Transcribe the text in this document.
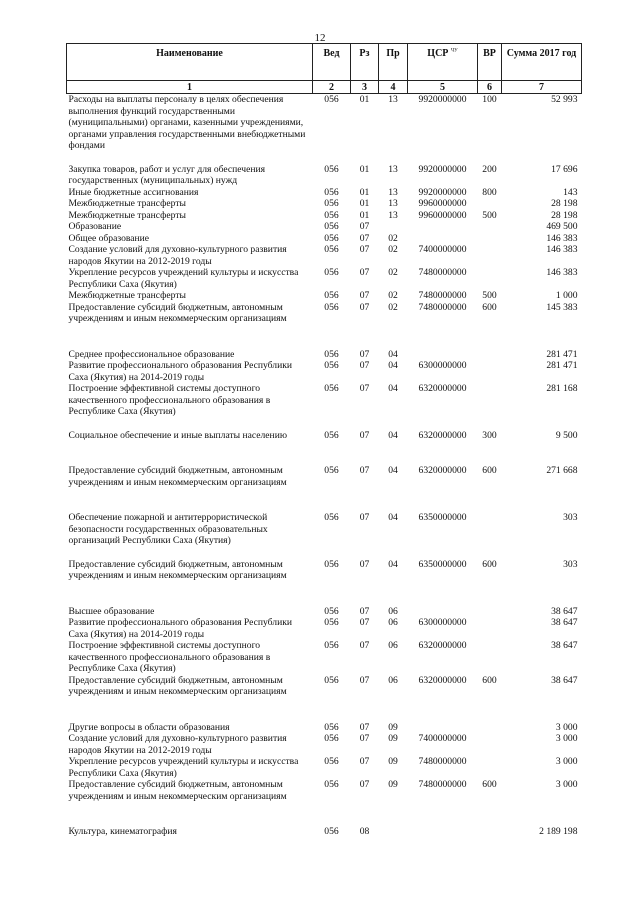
12
Наименование	Вед	Рз	Пр	ЦСР $^{ЧУ}$	ВР	Сумма 2017 год
1	2	3	4	5	6	7
Расходы на выплаты персоналу в целях обеспечения выполнения функций государственными (муниципальными) органами, казенными учреждениями, органами управления государственными внебюджетными фондами	056	01	13	9920000000	100	52 993
Закупка товаров, работ и услуг для обеспечения государственных (муниципальных) нужд	056	01	13	9920000000	200	17 696
Иные бюджетные ассигнования	056	01	13	9920000000	800	143
Межбюджетные трансферты	056	01	13	9960000000		28 198
Межбюджетные трансферты	056	01	13	9960000000	500	28 198
Образование	056	07				469 500
Общее образование	056	07	02			146 383
Создание условий для духовно-культурного развития народов Якутии на 2012-2019 годы	056	07	02	7400000000		146 383
Укрепление ресурсов учреждений культуры и искусства Республики Саха (Якутия)	056	07	02	7480000000		146 383
Межбюджетные трансферты	056	07	02	7480000000	500	1 000
Предоставление субсидий бюджетным, автономным учреждениям и иным некоммерческим организациям	056	07	02	7480000000	600	145 383
Среднее профессиональное образование	056	07	04			281 471
Развитие профессионального образования Республики Саха (Якутия) на 2014-2019 годы	056	07	04	6300000000		281 471
Построение эффективной системы доступного качественного профессионального образования в Республике Саха (Якутия)	056	07	04	6320000000		281 168
Социальное обеспечение и иные выплаты населению	056	07	04	6320000000	300	9 500
Предоставление субсидий бюджетным, автономным учреждениям и иным некоммерческим организациям	056	07	04	6320000000	600	271 668
Обеспечение пожарной и антитеррористической безопасности государственных образовательных организаций Республики Саха (Якутия)	056	07	04	6350000000		303
Предоставление субсидий бюджетным, автономным учреждениям и иным некоммерческим организациям	056	07	04	6350000000	600	303
Высшее образование	056	07	06			38 647
Развитие профессионального образования Республики Саха (Якутия) на 2014-2019 годы	056	07	06	6300000000		38 647
Построение эффективной системы доступного качественного профессионального образования в Республике Саха (Якутия)	056	07	06	6320000000		38 647
Предоставление субсидий бюджетным, автономным учреждениям и иным некоммерческим организациям	056	07	06	6320000000	600	38 647
Другие вопросы в области образования	056	07	09			3 000
Создание условий для духовно-культурного развития народов Якутии на 2012-2019 годы	056	07	09	7400000000		3 000
Укрепление ресурсов учреждений культуры и искусства Республики Саха (Якутия)	056	07	09	7480000000		3 000
Предоставление субсидий бюджетным, автономным учреждениям и иным некоммерческим организациям	056	07	09	7480000000	600	3 000
Культура, кинематография	056	08				2 189 198
